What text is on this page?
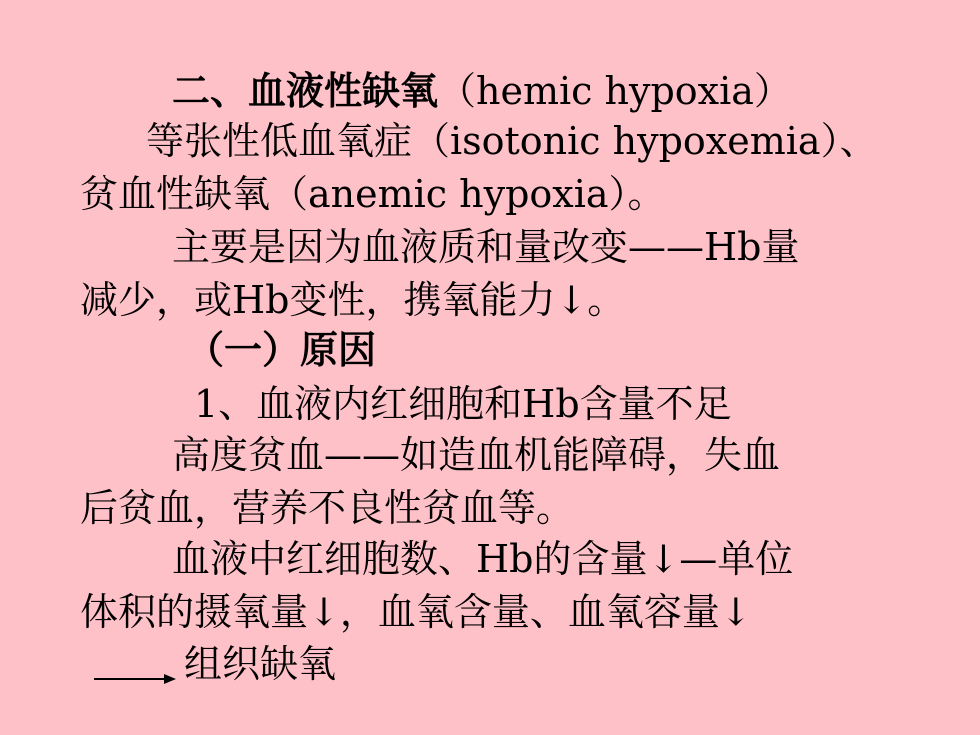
二、血液性缺氧（hemic hypoxia）
等张性低血氧症（isotonic hypoxemia）、
贫血性缺氧（anemic hypoxia）。
主要是因为血液质和量改变——Hb量
减少，或Hb变性，携氧能力↓。
（一）原因
1、血液内红细胞和Hb含量不足
高度贫血——如造血机能障碍，失血
后贫血，营养不良性贫血等。
血液中红细胞数、Hb的含量↓—单位
体积的摄氧量↓，血氧含量、血氧容量↓
组织缺氧
